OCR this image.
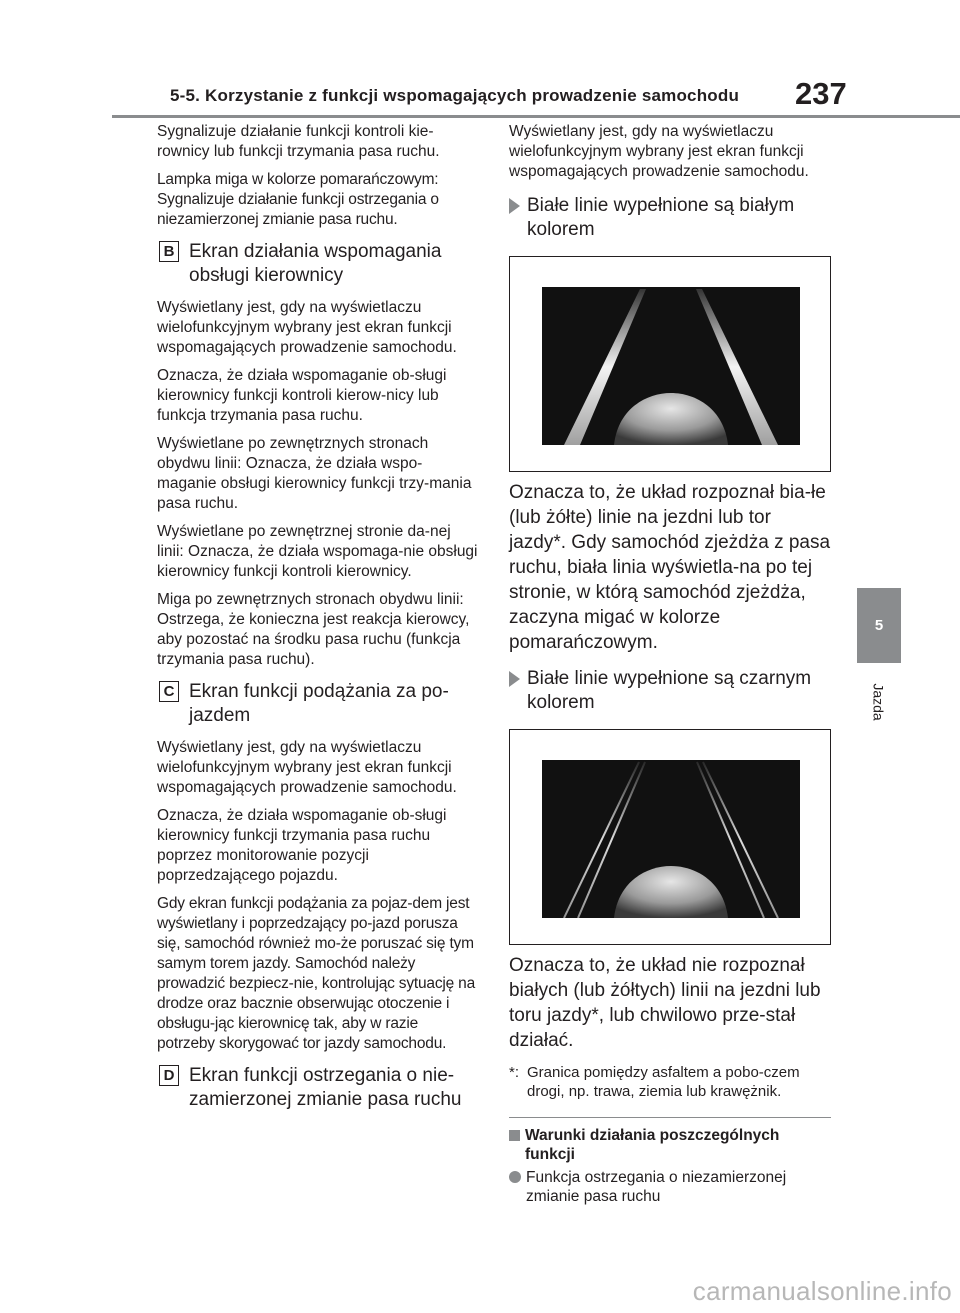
5-5. Korzystanie z funkcji wspomagających prowadzenie samochodu 237
5
Jazda

Sygnalizuje działanie funkcji kontroli kie-rownicy lub funkcji trzymania pasa ruchu.

Lampka miga w kolorze pomarańczowym: Sygnalizuje działanie funkcji ostrzegania o niezamierzonej zmianie pasa ruchu.

B Ekran działania wspomagania obsługi kierownicy

Wyświetlany jest, gdy na wyświetlaczu wielofunkcyjnym wybrany jest ekran funkcji wspomagających prowadzenie samochodu.

Oznacza, że działa wspomaganie ob-sługi kierownicy funkcji kontroli kierow-nicy lub funkcja trzymania pasa ruchu.

Wyświetlane po zewnętrznych stronach obydwu linii: Oznacza, że działa wspo-maganie obsługi kierownicy funkcji trzy-mania pasa ruchu.

Wyświetlane po zewnętrznej stronie da-nej linii: Oznacza, że działa wspomaga-nie obsługi kierownicy funkcji kontroli kierownicy.

Miga po zewnętrznych stronach obydwu linii: Ostrzega, że konieczna jest reakcja kierowcy, aby pozostać na środku pasa ruchu (funkcja trzymania pasa ruchu).

C Ekran funkcji podążania za po-jazdem

Wyświetlany jest, gdy na wyświetlaczu wielofunkcyjnym wybrany jest ekran funkcji wspomagających prowadzenie samochodu.

Oznacza, że działa wspomaganie ob-sługi kierownicy funkcji trzymania pasa ruchu poprzez monitorowanie pozycji poprzedzającego pojazdu.

Gdy ekran funkcji podążania za pojaz-dem jest wyświetlany i poprzedzający po-jazd porusza się, samochód również mo-że poruszać się tym samym torem jazdy. Samochód należy prowadzić bezpiecz-nie, kontrolując sytuację na drodze oraz bacznie obserwując otoczenie i obsługu-jąc kierownicę tak, aby w razie potrzeby skorygować tor jazdy samochodu.

D Ekran funkcji ostrzegania o nie-zamierzonej zmianie pasa ruchu

Wyświetlany jest, gdy na wyświetlaczu wielofunkcyjnym wybrany jest ekran funkcji wspomagających prowadzenie samochodu.

Białe linie wypełnione są białym kolorem

Oznacza to, że układ rozpoznał bia-łe (lub żółte) linie na jezdni lub tor jazdy*. Gdy samochód zjeżdża z pasa ruchu, biała linia wyświetla-na po tej stronie, w którą samochód zjeżdża, zaczyna migać w kolorze pomarańczowym.

Białe linie wypełnione są czarnym kolorem

Oznacza to, że układ nie rozpoznał białych (lub żółtych) linii na jezdni lub toru jazdy*, lub chwilowo prze-stał działać.

*: Granica pomiędzy asfaltem a pobo-czem drogi, np. trawa, ziemia lub krawężnik.
Warunki działania poszczególnych funkcji
Funkcja ostrzegania o niezamierzonej zmianie pasa ruchu
carmanualsonline.info
